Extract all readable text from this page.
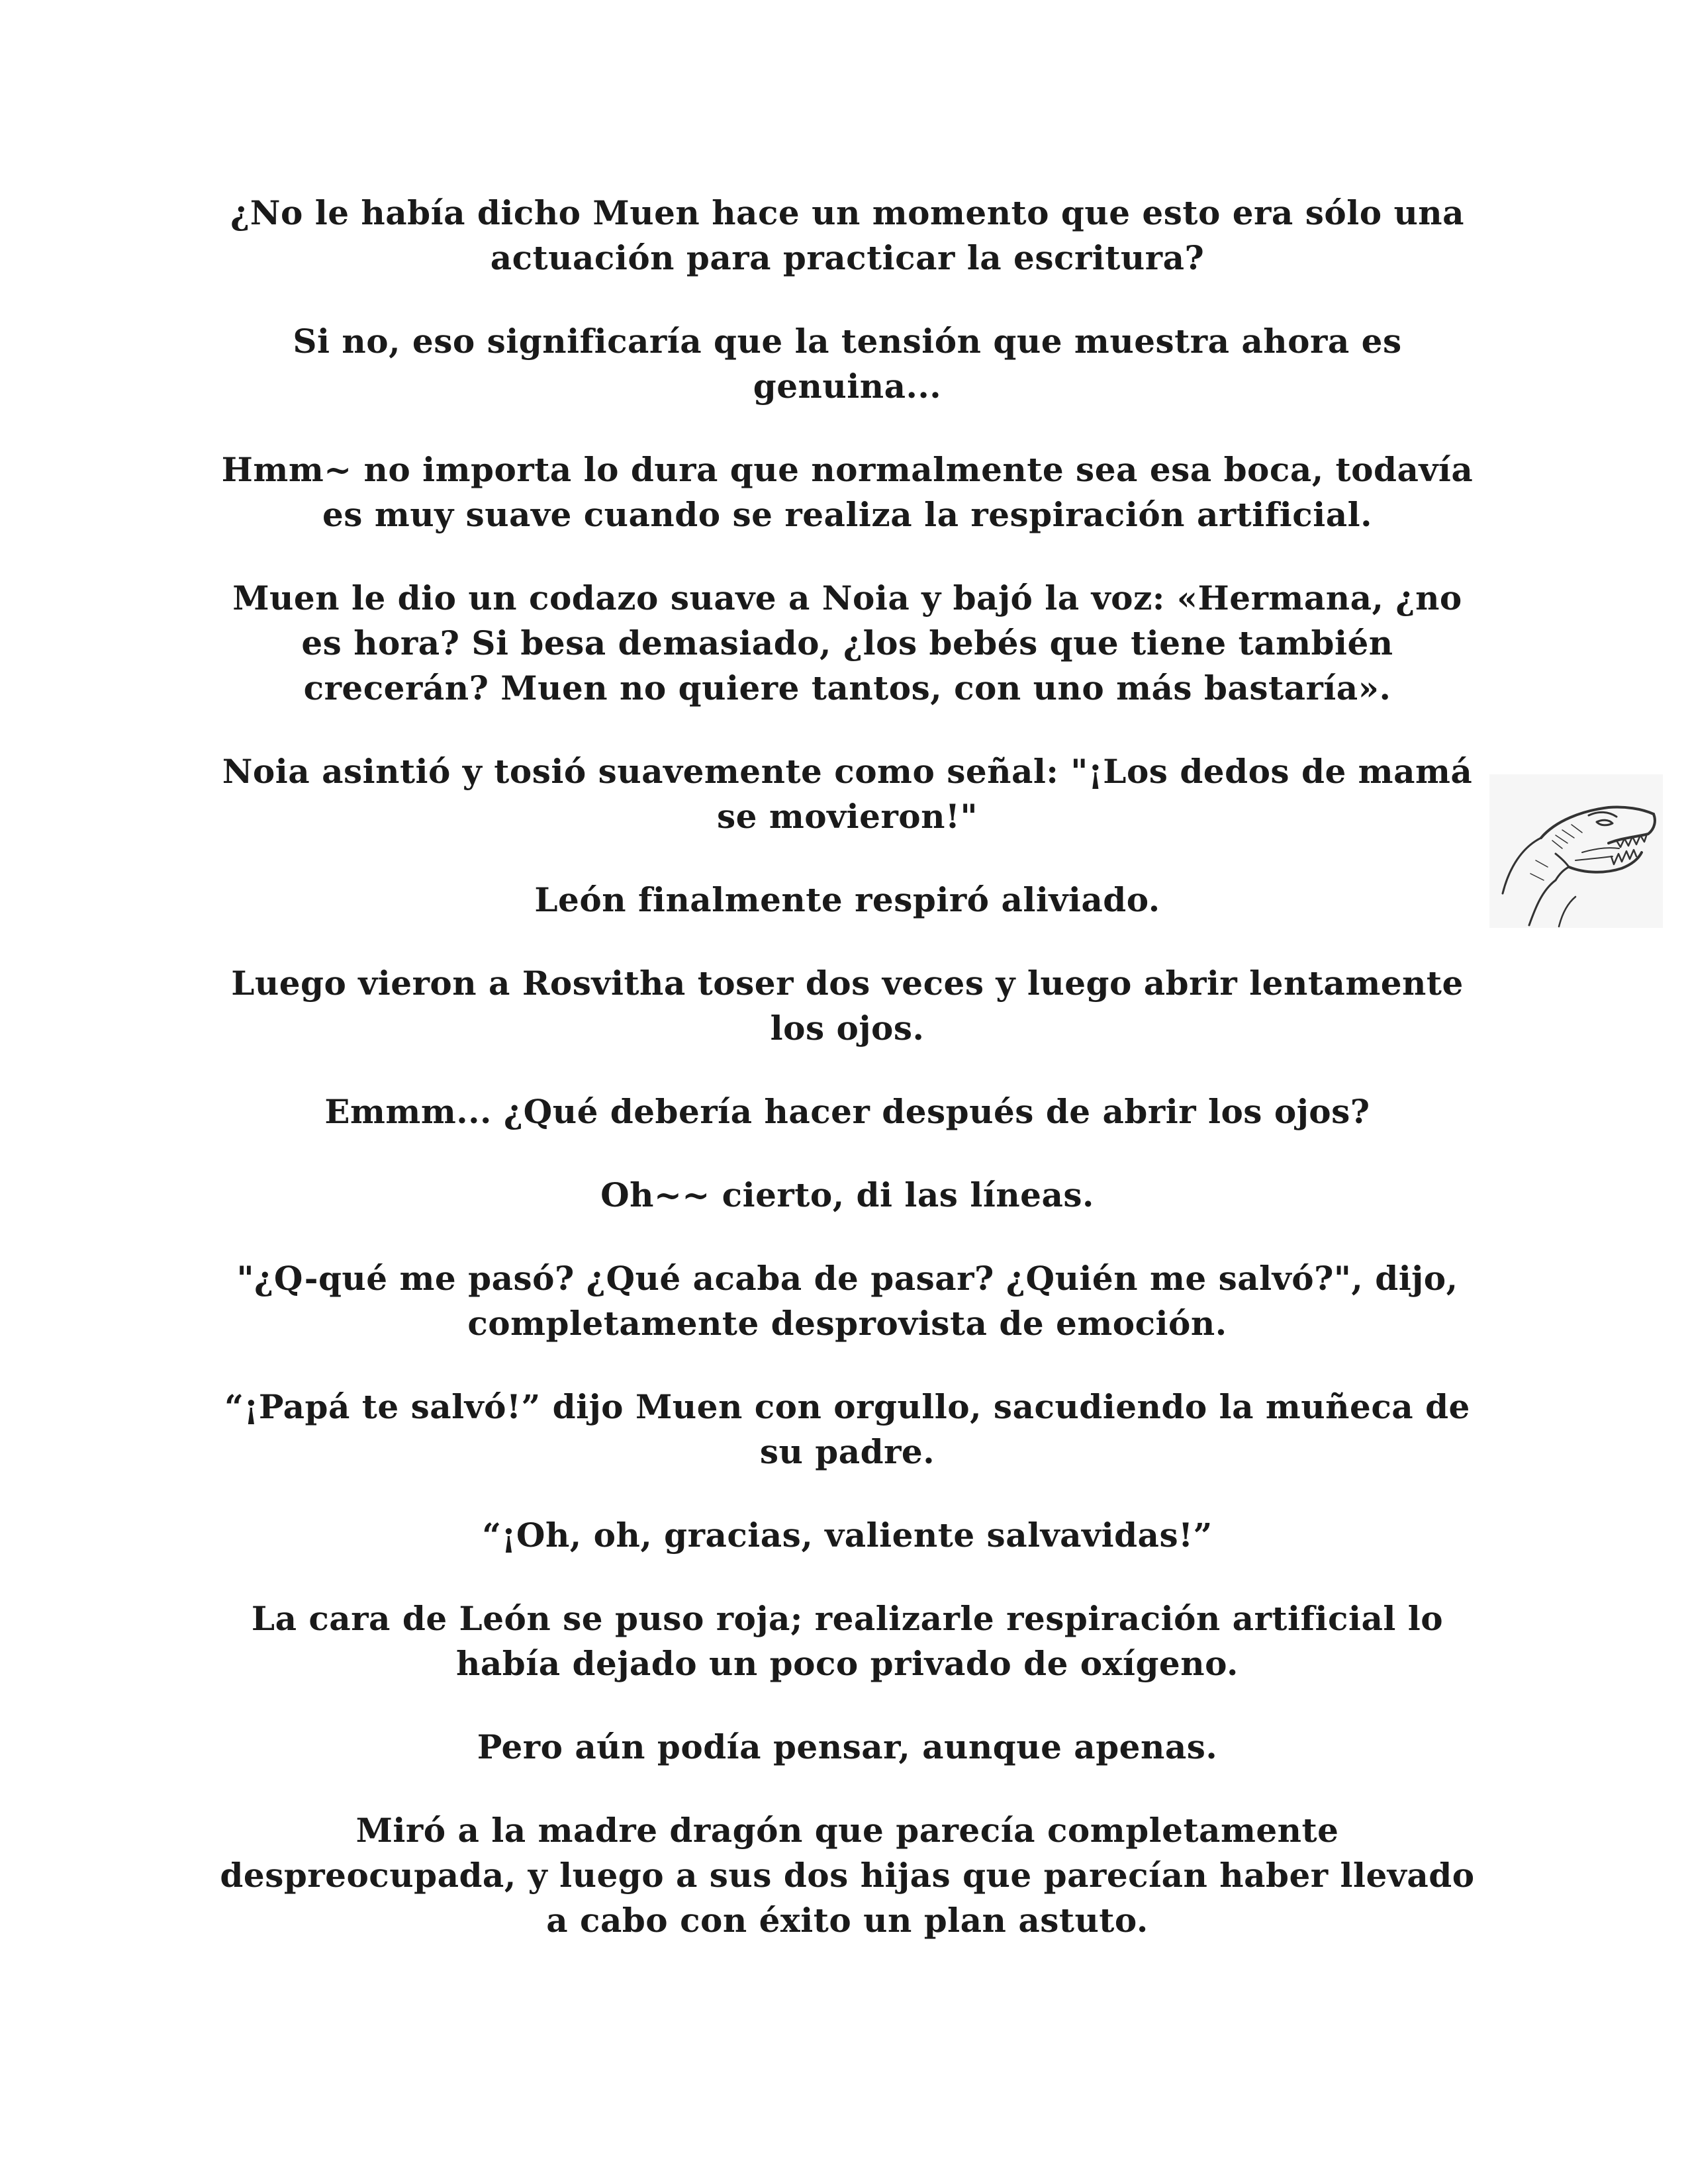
¿No le había dicho Muen hace un momento que esto era sólo una actuación para practicar la escritura?

Si no, eso significaría que la tensión que muestra ahora es genuina...

Hmm~ no importa lo dura que normalmente sea esa boca, todavía es muy suave cuando se realiza la respiración artificial.

Muen le dio un codazo suave a Noia y bajó la voz: «Hermana, ¿no es hora? Si besa demasiado, ¿los bebés que tiene también crecerán? Muen no quiere tantos, con uno más bastaría».

Noia asintió y tosió suavemente como señal: "¡Los dedos de mamá se movieron!"

León finalmente respiró aliviado.

Luego vieron a Rosvitha toser dos veces y luego abrir lentamente los ojos.

Emmm... ¿Qué debería hacer después de abrir los ojos?

Oh~~ cierto, di las líneas.

"¿Q-qué me pasó? ¿Qué acaba de pasar? ¿Quién me salvó?", dijo, completamente desprovista de emoción.

“¡Papá te salvó!” dijo Muen con orgullo, sacudiendo la muñeca de su padre.

“¡Oh, oh, gracias, valiente salvavidas!”

La cara de León se puso roja; realizarle respiración artificial lo había dejado un poco privado de oxígeno.

Pero aún podía pensar, aunque apenas.

Miró a la madre dragón que parecía completamente despreocupada, y luego a sus dos hijas que parecían haber llevado a cabo con éxito un plan astuto.
